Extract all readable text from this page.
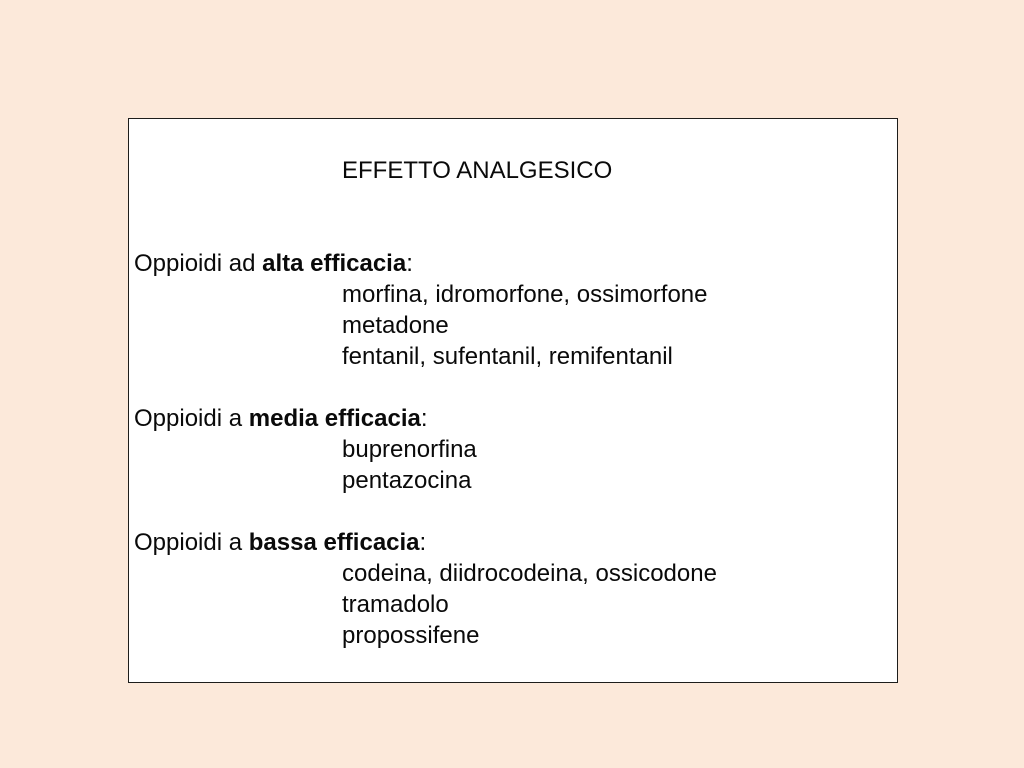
EFFETTO ANALGESICO
Oppioidi ad alta efficacia:
morfina, idromorfone, ossimorfone
metadone
fentanil, sufentanil, remifentanil
Oppioidi a media efficacia:
buprenorfina
pentazocina
Oppioidi a bassa efficacia:
codeina, diidrocodeina, ossicodone
tramadolo
propossifene
